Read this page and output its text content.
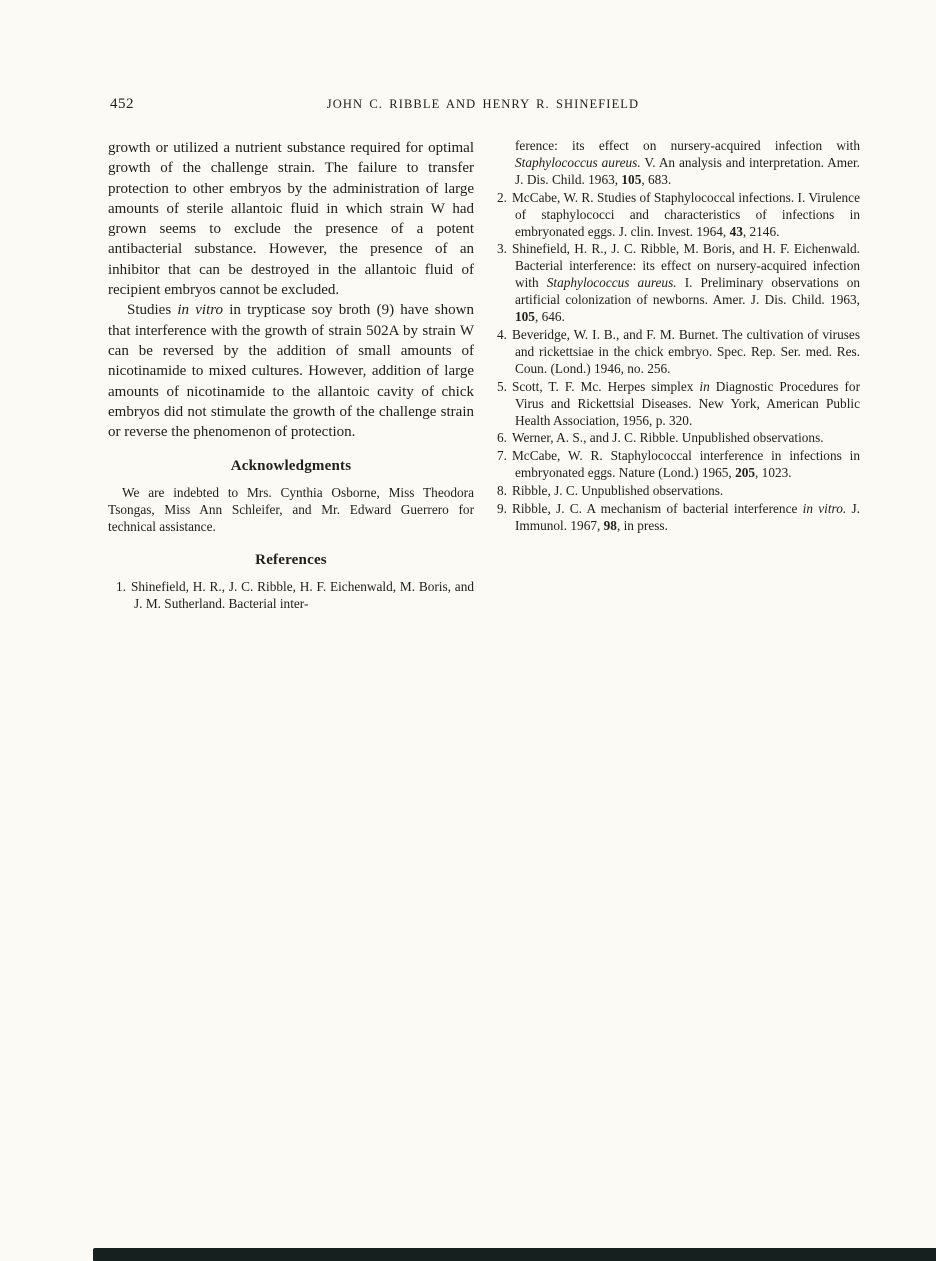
452	JOHN C. RIBBLE AND HENRY R. SHINEFIELD

growth or utilized a nutrient substance required for optimal growth of the challenge strain. The failure to transfer protection to other embryos by the administration of large amounts of sterile allantoic fluid in which strain W had grown seems to exclude the presence of a potent antibacterial substance. However, the presence of an inhibitor that can be destroyed in the allantoic fluid of recipient embryos cannot be excluded.

Studies in vitro in trypticase soy broth (9) have shown that interference with the growth of strain 502A by strain W can be reversed by the addition of small amounts of nicotinamide to mixed cultures. However, addition of large amounts of nicotinamide to the allantoic cavity of chick embryos did not stimulate the growth of the challenge strain or reverse the phenomenon of protection.

Acknowledgments

We are indebted to Mrs. Cynthia Osborne, Miss Theodora Tsongas, Miss Ann Schleifer, and Mr. Edward Guerrero for technical assistance.

References
1. Shinefield, H. R., J. C. Ribble, H. F. Eichenwald, M. Boris, and J. M. Sutherland. Bacterial inter-
ference: its effect on nursery-acquired infection with Staphylococcus aureus. V. An analysis and interpretation. Amer. J. Dis. Child. 1963, 105, 683.
2. McCabe, W. R. Studies of Staphylococcal infections. I. Virulence of staphylococci and characteristics of infections in embryonated eggs. J. clin. Invest. 1964, 43, 2146.
3. Shinefield, H. R., J. C. Ribble, M. Boris, and H. F. Eichenwald. Bacterial interference: its effect on nursery-acquired infection with Staphylococcus aureus. I. Preliminary observations on artificial colonization of newborns. Amer. J. Dis. Child. 1963, 105, 646.
4. Beveridge, W. I. B., and F. M. Burnet. The cultivation of viruses and rickettsiae in the chick embryo. Spec. Rep. Ser. med. Res. Coun. (Lond.) 1946, no. 256.
5. Scott, T. F. Mc. Herpes simplex in Diagnostic Procedures for Virus and Rickettsial Diseases. New York, American Public Health Association, 1956, p. 320.
6. Werner, A. S., and J. C. Ribble. Unpublished observations.
7. McCabe, W. R. Staphylococcal interference in infections in embryonated eggs. Nature (Lond.) 1965, 205, 1023.
8. Ribble, J. C. Unpublished observations.
9. Ribble, J. C. A mechanism of bacterial interference in vitro. J. Immunol. 1967, 98, in press.
